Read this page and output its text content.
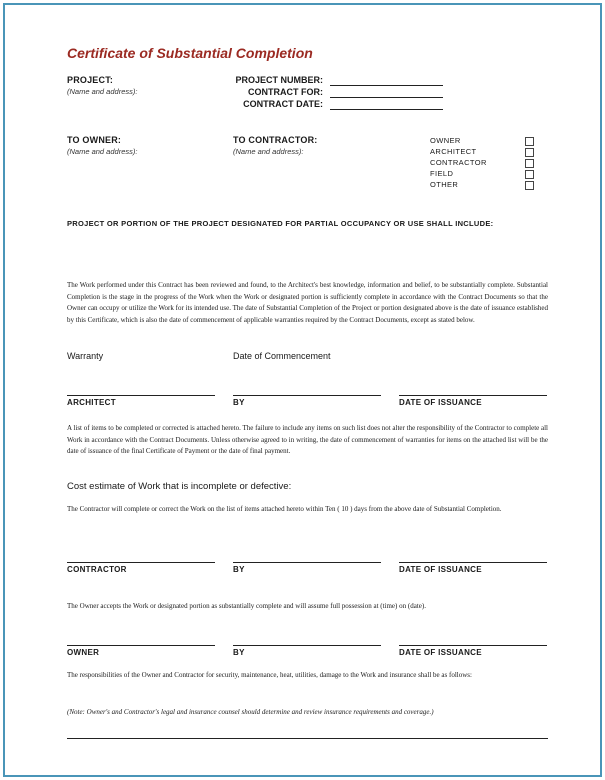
Certificate of Substantial Completion
PROJECT:
(Name and address):
PROJECT NUMBER:
CONTRACT FOR:
CONTRACT DATE:
TO OWNER:
(Name and address):
TO CONTRACTOR:
(Name and address):
OWNER
ARCHITECT
CONTRACTOR
FIELD
OTHER
PROJECT OR PORTION OF THE PROJECT DESIGNATED FOR PARTIAL OCCUPANCY OR USE SHALL INCLUDE:
The Work performed under this Contract has been reviewed and found, to the Architect's best knowledge, information and belief, to be substantially complete. Substantial Completion is the stage in the progress of the Work when the Work or designated portion is sufficiently complete in accordance with the Contract Documents so that the Owner can occupy or utilize the Work for its intended use. The date of Substantial Completion of the Project or portion designated above is the date of issuance established by this Certificate, which is also the date of commencement of applicable warranties required by the Contract Documents, except as stated below.
Warranty	Date of Commencement
ARCHITECT	BY	DATE OF ISSUANCE
A list of items to be completed or corrected is attached hereto. The failure to include any items on such list does not alter the responsibility of the Contractor to complete all Work in accordance with the Contract Documents. Unless otherwise agreed to in writing, the date of commencement of warranties for items on the attached list will be the date of issuance of the final Certificate of Payment or the date of final payment.
Cost estimate of Work that is incomplete or defective:
The Contractor will complete or correct the Work on the list of items attached hereto within Ten ( 10 ) days from the above date of Substantial Completion.
CONTRACTOR	BY	DATE OF ISSUANCE
The Owner accepts the Work or designated portion as substantially complete and will assume full possession at (time) on (date).
OWNER	BY	DATE OF ISSUANCE
The responsibilities of the Owner and Contractor for security, maintenance, heat, utilities, damage to the Work and insurance shall be as follows:
(Note: Owner's and Contractor's legal and insurance counsel should determine and review insurance requirements and coverage.)
